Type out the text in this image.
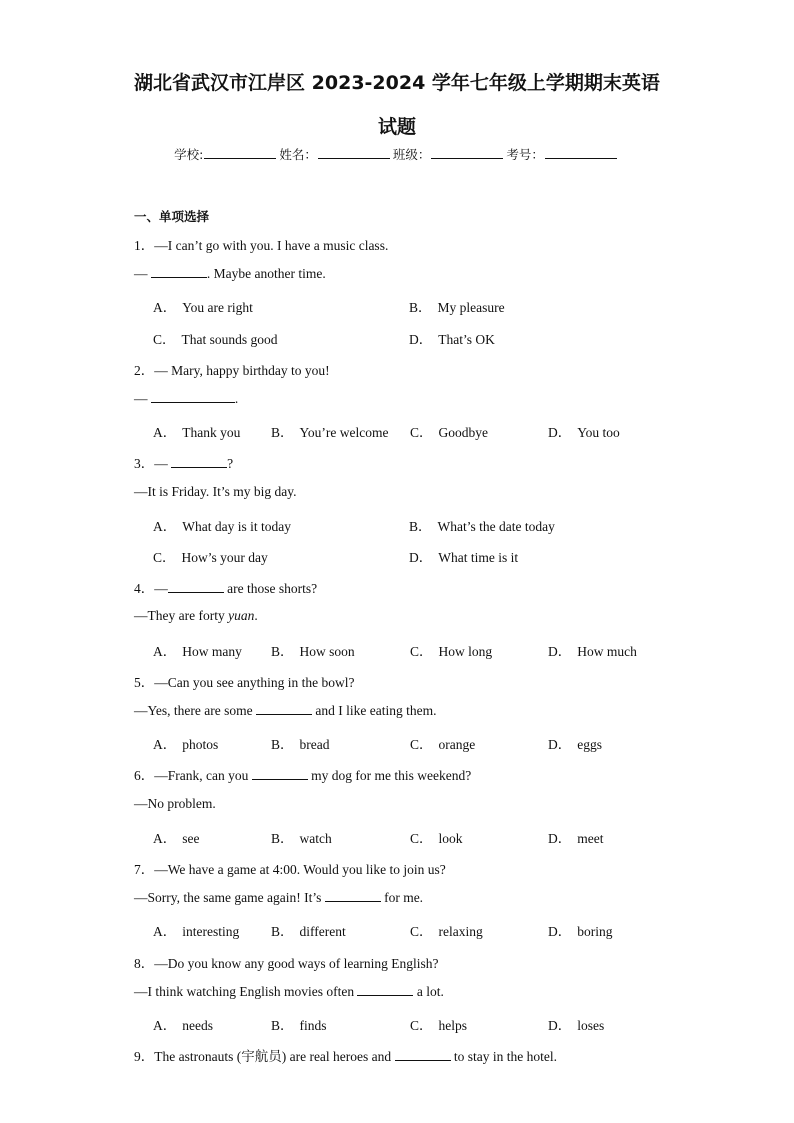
湖北省武汉市江岸区 2023-2024 学年七年级上学期期末英语
试题
学校:	姓名：	班级：	考号：
一、单项选择
1．—I can’t go with you. I have a music class.
—	. Maybe another time.
A． You are right	B． My pleasure
C． That sounds good	D． That’s OK
2．— Mary, happy birthday to you!
—	.
A． Thank you B． You’re welcome C． Goodbye	D． You too
3．—	?
—It is Friday. It’s my big day.
A． What day is it today	B． What’s the date today
C． How’s your day	D． What time is it
4．—	are those shorts?
—They are forty yuan.
A． How many B． How soon	C． How long	D． How much
5．—Can you see anything in the bowl?
—Yes, there are some	and I like eating them.
A． photos	B． bread	C． orange	D． eggs
6．—Frank, can you	my dog for me this weekend?
—No problem.
A． see	B． watch	C． look	D． meet
7．—We have a game at 4:00. Would you like to join us?
—Sorry, the same game again! It’s	for me.
A． interesting B． different	C． relaxing	D． boring
8．—Do you know any good ways of learning English?
—I think watching English movies often	a lot.
A． needs	B． finds	C． helps	D． loses
9．The astronauts (宇航员) are real heroes and	to stay in the hotel.
